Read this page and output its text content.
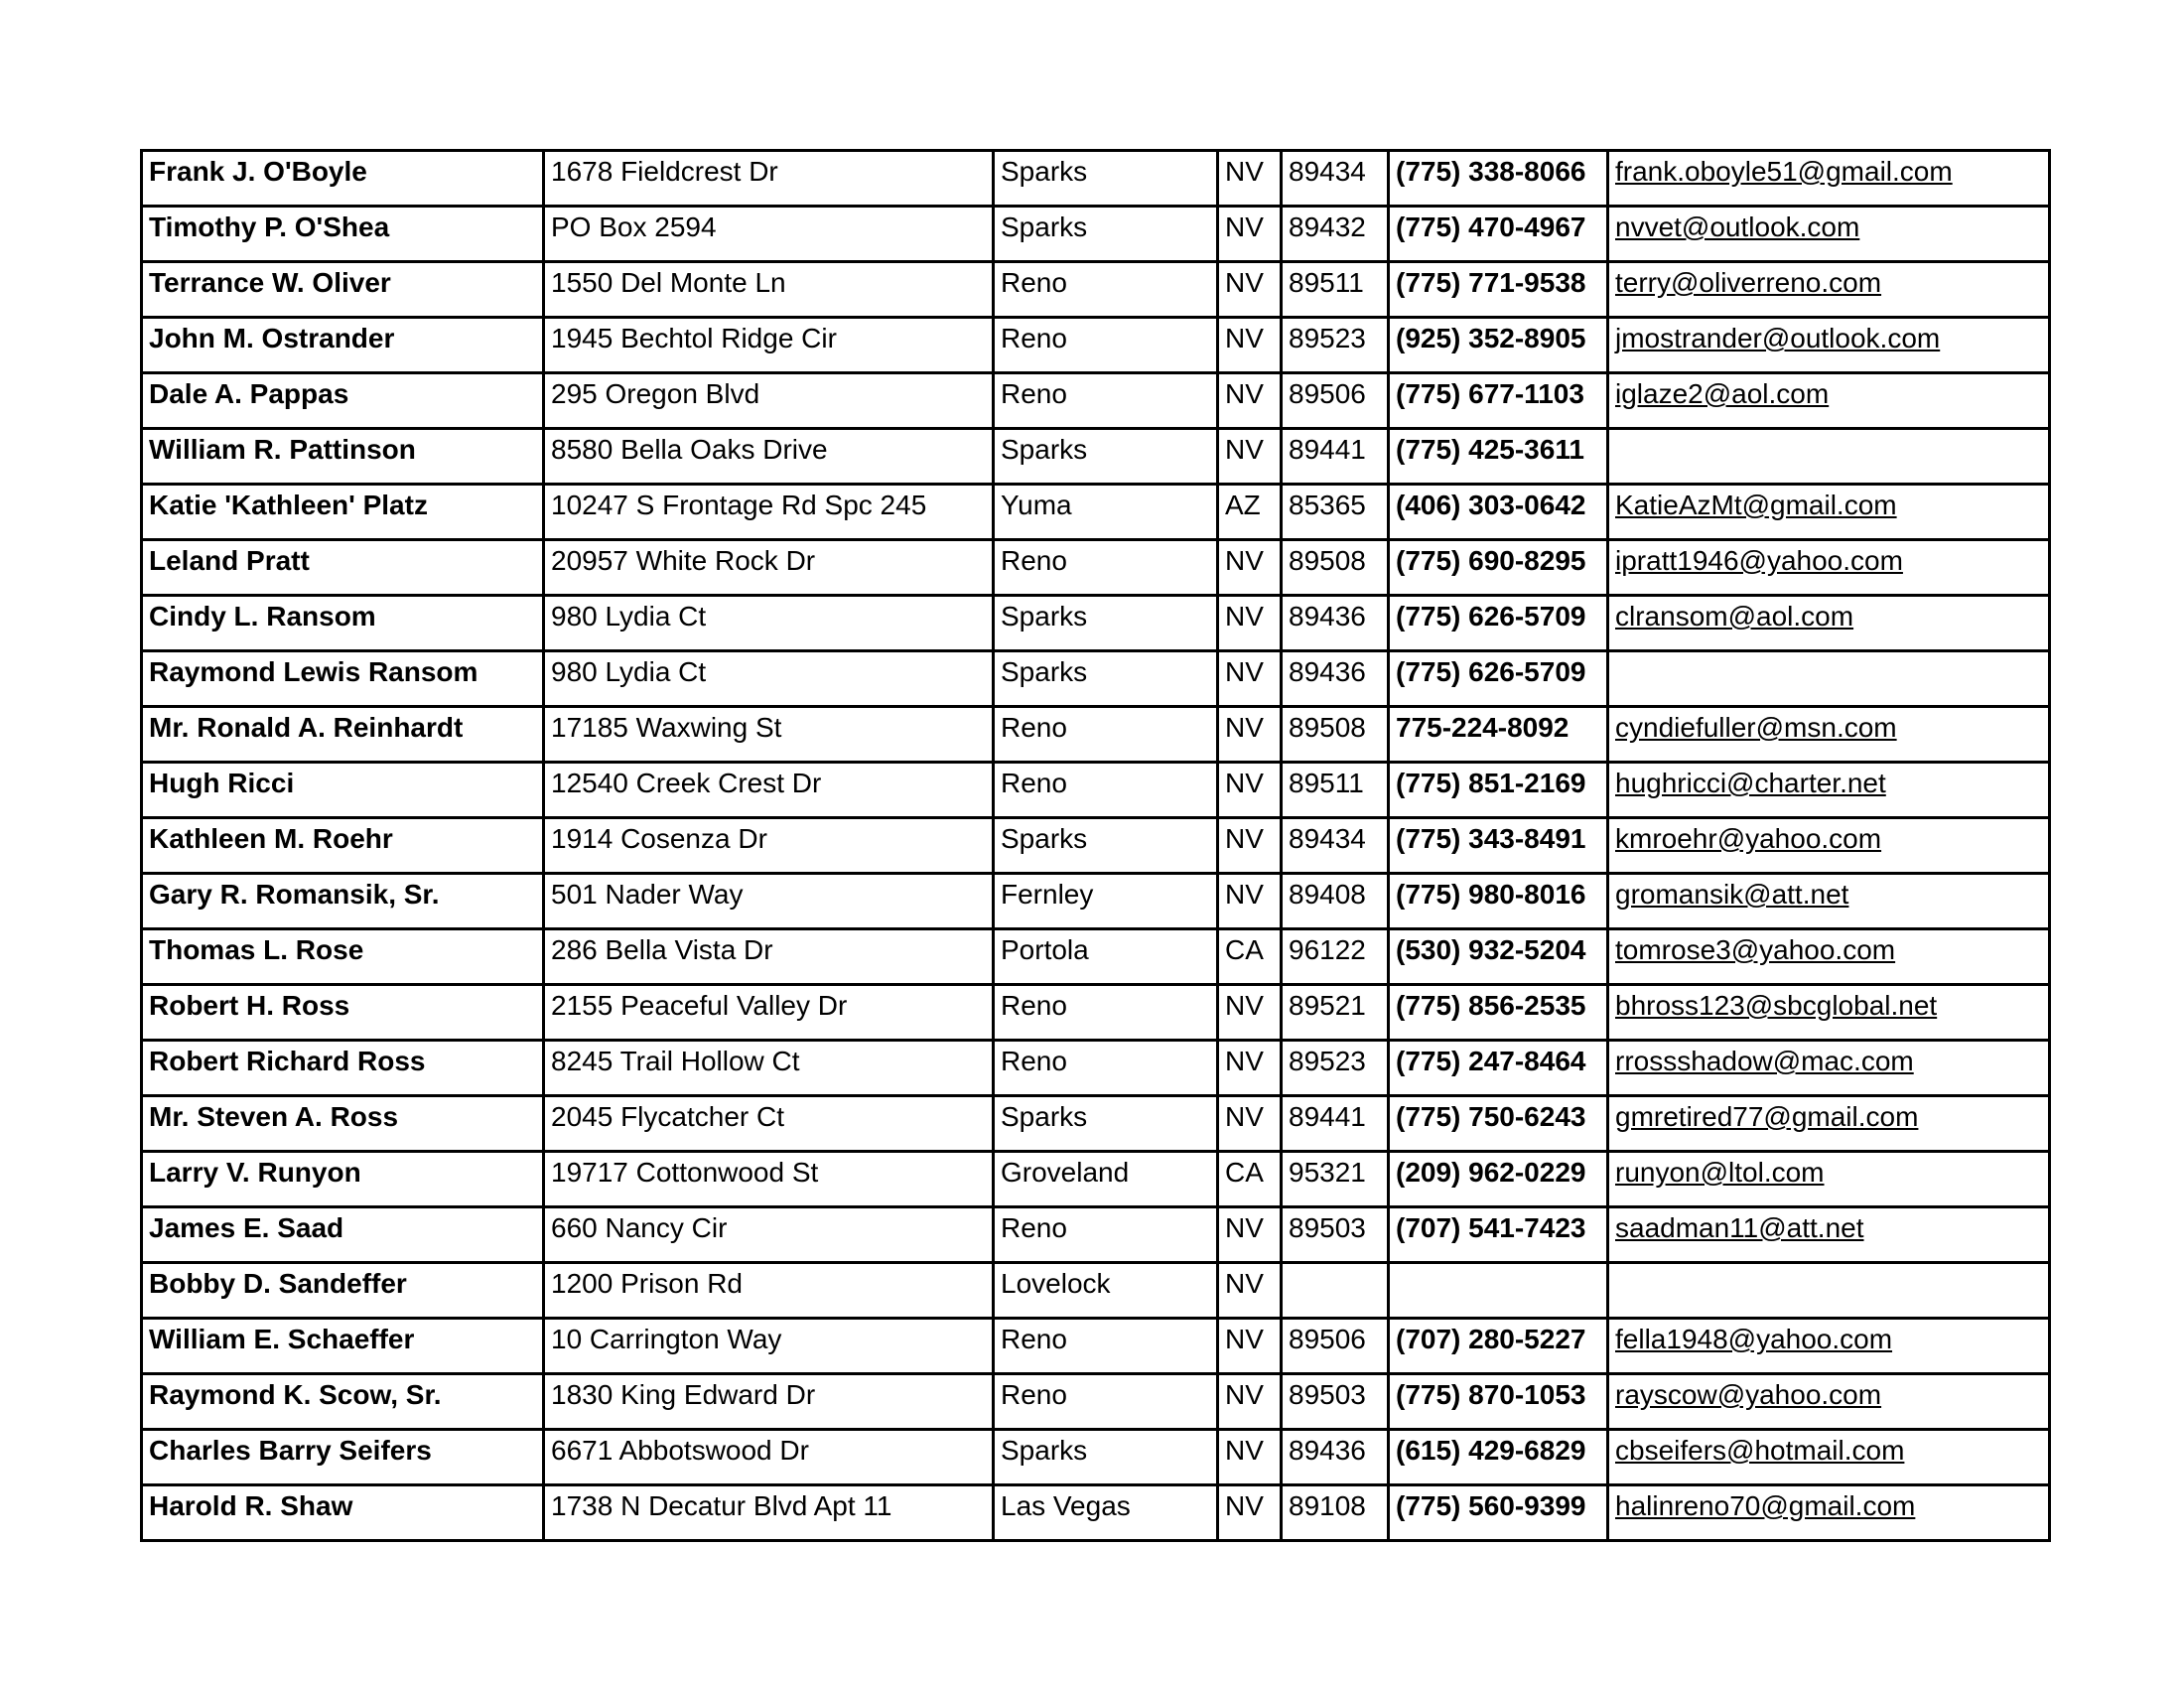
Frank J. O'Boyle	1678 Fieldcrest Dr	Sparks	NV	89434	(775) 338-8066	frank.oboyle51@gmail.com
Timothy P. O'Shea	PO Box 2594	Sparks	NV	89432	(775) 470-4967	nvvet@outlook.com
Terrance W. Oliver	1550 Del Monte Ln	Reno	NV	89511	(775) 771-9538	terry@oliverreno.com
John M. Ostrander	1945 Bechtol Ridge Cir	Reno	NV	89523	(925) 352-8905	jmostrander@outlook.com
Dale A. Pappas	295 Oregon Blvd	Reno	NV	89506	(775) 677-1103	iglaze2@aol.com
William R. Pattinson	8580 Bella Oaks Drive	Sparks	NV	89441	(775) 425-3611	
Katie 'Kathleen' Platz	10247 S Frontage Rd Spc 245	Yuma	AZ	85365	(406) 303-0642	KatieAzMt@gmail.com
Leland Pratt	20957 White Rock Dr	Reno	NV	89508	(775) 690-8295	ipratt1946@yahoo.com
Cindy L. Ransom	980 Lydia Ct	Sparks	NV	89436	(775) 626-5709	clransom@aol.com
Raymond Lewis Ransom	980 Lydia Ct	Sparks	NV	89436	(775) 626-5709	
Mr. Ronald A. Reinhardt	17185 Waxwing St	Reno	NV	89508	775-224-8092	cyndiefuller@msn.com
Hugh Ricci	12540 Creek Crest Dr	Reno	NV	89511	(775) 851-2169	hughricci@charter.net
Kathleen M. Roehr	1914 Cosenza Dr	Sparks	NV	89434	(775) 343-8491	kmroehr@yahoo.com
Gary R. Romansik, Sr.	501 Nader Way	Fernley	NV	89408	(775) 980-8016	gromansik@att.net
Thomas L. Rose	286 Bella Vista Dr	Portola	CA	96122	(530) 932-5204	tomrose3@yahoo.com
Robert H. Ross	2155 Peaceful Valley Dr	Reno	NV	89521	(775) 856-2535	bhross123@sbcglobal.net
Robert Richard Ross	8245 Trail Hollow Ct	Reno	NV	89523	(775) 247-8464	rrossshadow@mac.com
Mr. Steven A. Ross	2045 Flycatcher Ct	Sparks	NV	89441	(775) 750-6243	gmretired77@gmail.com
Larry V. Runyon	19717 Cottonwood St	Groveland	CA	95321	(209) 962-0229	runyon@ltol.com
James E. Saad	660 Nancy Cir	Reno	NV	89503	(707) 541-7423	saadman11@att.net
Bobby D. Sandeffer	1200 Prison Rd	Lovelock	NV			
William E. Schaeffer	10 Carrington Way	Reno	NV	89506	(707) 280-5227	fella1948@yahoo.com
Raymond K. Scow, Sr.	1830 King Edward Dr	Reno	NV	89503	(775) 870-1053	rayscow@yahoo.com
Charles Barry Seifers	6671 Abbotswood Dr	Sparks	NV	89436	(615) 429-6829	cbseifers@hotmail.com
Harold R. Shaw	1738 N Decatur Blvd Apt 11	Las Vegas	NV	89108	(775) 560-9399	halinreno70@gmail.com
